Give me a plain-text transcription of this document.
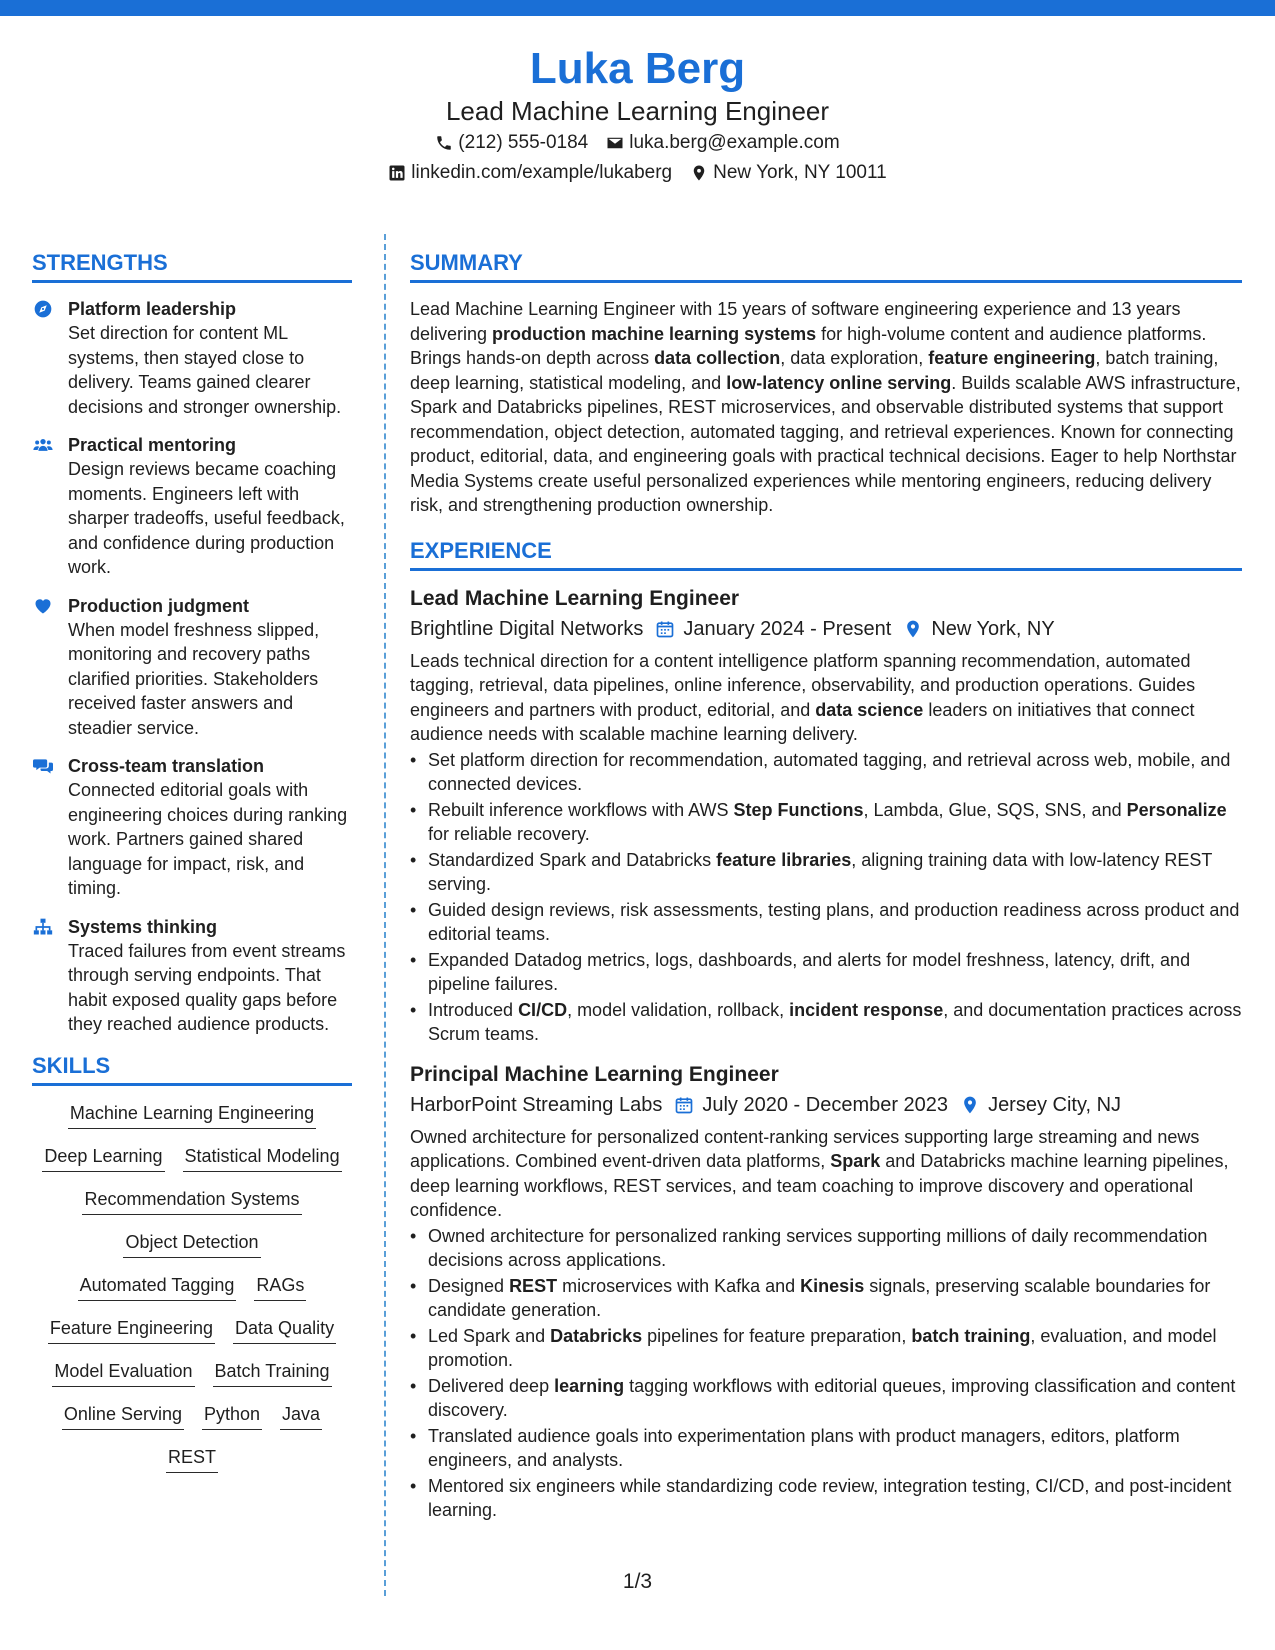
Luka Berg
Lead Machine Learning Engineer
(212) 555-0184 luka.berg@example.com
linkedin.com/example/lukaberg New York, NY 10011
STRENGTHS
Platform leadership
Set direction for content ML systems, then stayed close to delivery. Teams gained clearer decisions and stronger ownership.
Practical mentoring
Design reviews became coaching moments. Engineers left with sharper tradeoffs, useful feedback, and confidence during production work.
Production judgment
When model freshness slipped, monitoring and recovery paths clarified priorities. Stakeholders received faster answers and steadier service.
Cross-team translation
Connected editorial goals with engineering choices during ranking work. Partners gained shared language for impact, risk, and timing.
Systems thinking
Traced failures from event streams through serving endpoints. That habit exposed quality gaps before they reached audience products.
SKILLS
Machine Learning Engineering
Deep Learning Statistical Modeling
Recommendation Systems
Object Detection
Automated Tagging RAGs
Feature Engineering Data Quality
Model Evaluation Batch Training
Online Serving Python Java
REST
SUMMARY
Lead Machine Learning Engineer with 15 years of software engineering experience and 13 years delivering production machine learning systems for high-volume content and audience platforms. Brings hands-on depth across data collection, data exploration, feature engineering, batch training, deep learning, statistical modeling, and low-latency online serving. Builds scalable AWS infrastructure, Spark and Databricks pipelines, REST microservices, and observable distributed systems that support recommendation, object detection, automated tagging, and retrieval experiences. Known for connecting product, editorial, data, and engineering goals with practical technical decisions. Eager to help Northstar Media Systems create useful personalized experiences while mentoring engineers, reducing delivery risk, and strengthening production ownership.
EXPERIENCE
Lead Machine Learning Engineer
Brightline Digital Networks January 2024 - Present New York, NY
Leads technical direction for a content intelligence platform spanning recommendation, automated tagging, retrieval, data pipelines, online inference, observability, and production operations. Guides engineers and partners with product, editorial, and data science leaders on initiatives that connect audience needs with scalable machine learning delivery.
• Set platform direction for recommendation, automated tagging, and retrieval across web, mobile, and connected devices.
• Rebuilt inference workflows with AWS Step Functions, Lambda, Glue, SQS, SNS, and Personalize for reliable recovery.
• Standardized Spark and Databricks feature libraries, aligning training data with low-latency REST serving.
• Guided design reviews, risk assessments, testing plans, and production readiness across product and editorial teams.
• Expanded Datadog metrics, logs, dashboards, and alerts for model freshness, latency, drift, and pipeline failures.
• Introduced CI/CD, model validation, rollback, incident response, and documentation practices across Scrum teams.
Principal Machine Learning Engineer
HarborPoint Streaming Labs July 2020 - December 2023 Jersey City, NJ
Owned architecture for personalized content-ranking services supporting large streaming and news applications. Combined event-driven data platforms, Spark and Databricks machine learning pipelines, deep learning workflows, REST services, and team coaching to improve discovery and operational confidence.
• Owned architecture for personalized ranking services supporting millions of daily recommendation decisions across applications.
• Designed REST microservices with Kafka and Kinesis signals, preserving scalable boundaries for candidate generation.
• Led Spark and Databricks pipelines for feature preparation, batch training, evaluation, and model promotion.
• Delivered deep learning tagging workflows with editorial queues, improving classification and content discovery.
• Translated audience goals into experimentation plans with product managers, editors, platform engineers, and analysts.
• Mentored six engineers while standardizing code review, integration testing, CI/CD, and post-incident learning.
1/3
